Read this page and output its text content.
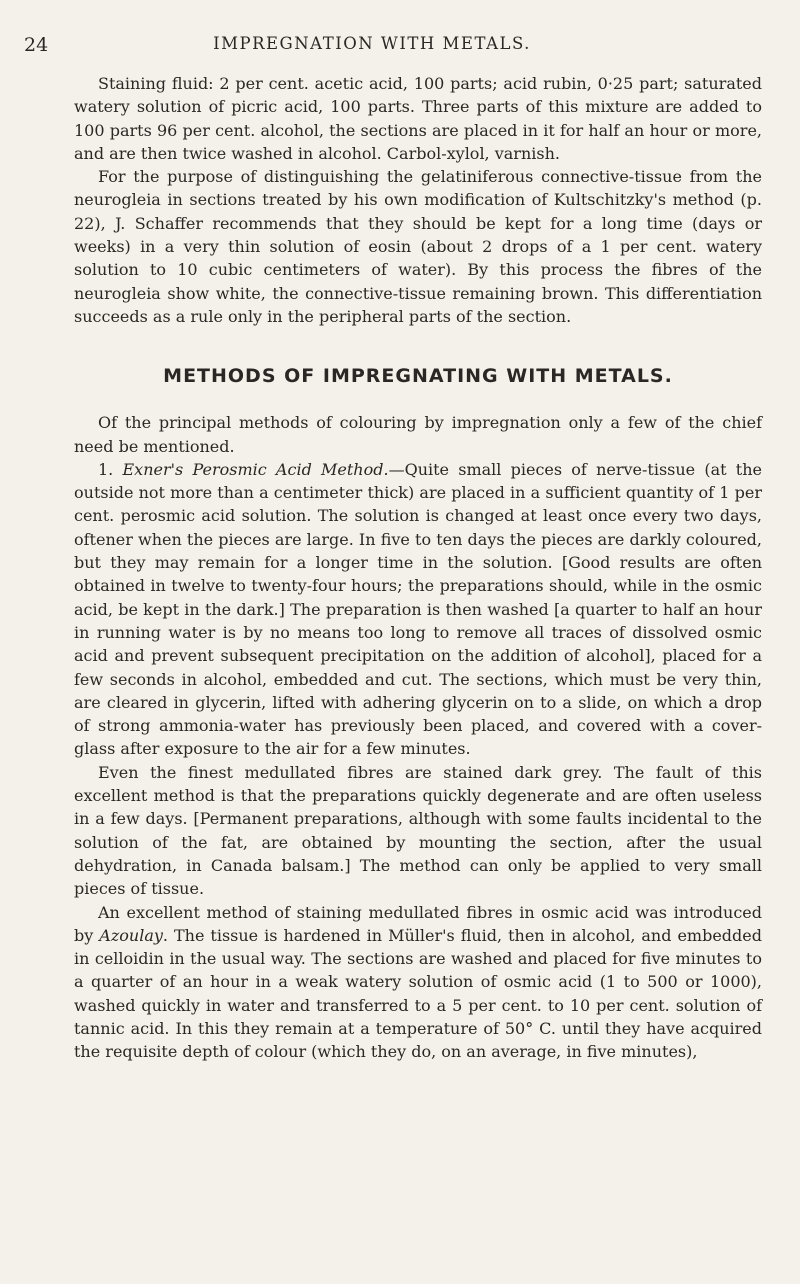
24	IMPREGNATION WITH METALS.

Staining fluid: 2 per cent. acetic acid, 100 parts; acid rubin, 0·25 part; saturated watery solution of picric acid, 100 parts. Three parts of this mixture are added to 100 parts 96 per cent. alcohol, the sections are placed in it for half an hour or more, and are then twice washed in alcohol. Carbol-xylol, varnish.

For the purpose of distinguishing the gelatiniferous connective-tissue from the neurogleia in sections treated by his own modification of Kultschitzky's method (p. 22), J. Schaffer recommends that they should be kept for a long time (days or weeks) in a very thin solution of eosin (about 2 drops of a 1 per cent. watery solution to 10 cubic centimeters of water). By this process the fibres of the neurogleia show white, the connective-tissue remaining brown. This differentiation succeeds as a rule only in the peripheral parts of the section.

METHODS OF IMPREGNATING WITH METALS.

Of the principal methods of colouring by impregnation only a few of the chief need be mentioned.

1. Exner's Perosmic Acid Method.—Quite small pieces of nerve-tissue (at the outside not more than a centimeter thick) are placed in a sufficient quantity of 1 per cent. perosmic acid solution. The solution is changed at least once every two days, oftener when the pieces are large. In five to ten days the pieces are darkly coloured, but they may remain for a longer time in the solution. [Good results are often obtained in twelve to twenty-four hours; the preparations should, while in the osmic acid, be kept in the dark.] The preparation is then washed [a quarter to half an hour in running water is by no means too long to remove all traces of dissolved osmic acid and prevent subsequent precipitation on the addition of alcohol], placed for a few seconds in alcohol, embedded and cut. The sections, which must be very thin, are cleared in glycerin, lifted with adhering glycerin on to a slide, on which a drop of strong ammonia-water has previously been placed, and covered with a cover-glass after exposure to the air for a few minutes.

Even the finest medullated fibres are stained dark grey. The fault of this excellent method is that the preparations quickly degenerate and are often useless in a few days. [Permanent preparations, although with some faults incidental to the solution of the fat, are obtained by mounting the section, after the usual dehydration, in Canada balsam.] The method can only be applied to very small pieces of tissue.

An excellent method of staining medullated fibres in osmic acid was introduced by Azoulay. The tissue is hardened in Müller's fluid, then in alcohol, and embedded in celloidin in the usual way. The sections are washed and placed for five minutes to a quarter of an hour in a weak watery solution of osmic acid (1 to 500 or 1000), washed quickly in water and transferred to a 5 per cent. to 10 per cent. solution of tannic acid. In this they remain at a temperature of 50° C. until they have acquired the requisite depth of colour (which they do, on an average, in five minutes),
